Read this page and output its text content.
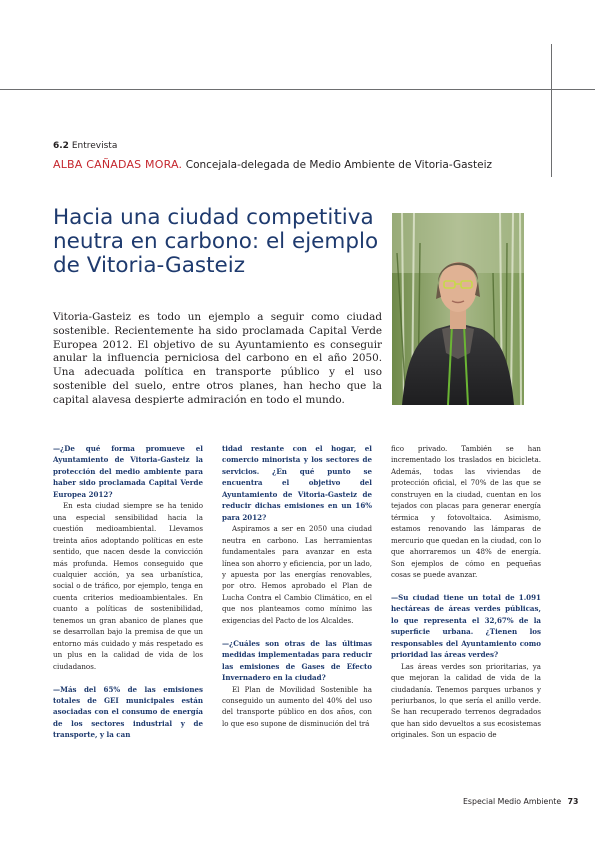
6.2 Entrevista
ALBA CAÑADAS MORA. Concejala-delegada de Medio Ambiente de Vitoria-Gasteiz
Hacia una ciudad competitiva neutra en carbono: el ejemplo de Vitoria-Gasteiz

Vitoria-Gasteiz es todo un ejemplo a seguir como ciudad sostenible. Recientemente ha sido proclamada Capital Verde Europea 2012. El objetivo de su Ayuntamiento es conseguir anular la influencia perniciosa del carbono en el año 2050. Una adecuada política en transporte público y el uso sostenible del suelo, entre otros planes, han hecho que la capital alavesa despierte admiración en todo el mundo.

—¿De qué forma promueve el Ayuntamiento de Vitoria-Gasteiz la protección del medio ambiente para haber sido proclamada Capital Verde Europea 2012?

En esta ciudad siempre se ha tenido una especial sensibilidad hacia la cuestión medioambiental. Llevamos treinta años adoptando políticas en este sentido, que nacen desde la convicción más profunda. Hemos conseguido que cualquier acción, ya sea urbanística, social o de tráfico, por ejemplo, tenga en cuenta criterios medioambientales. En cuanto a políticas de sostenibilidad, tenemos un gran abanico de planes que se desarrollan bajo la premisa de que un entorno más cuidado y más respetado es un plus en la calidad de vida de los ciudadanos.

—Más del 65% de las emisiones totales de GEI municipales están asociadas con el consumo de energía de los sectores industrial y de transporte, y la can

tidad restante con el hogar, el comercio minorista y los sectores de servicios. ¿En qué punto se encuentra el objetivo del Ayuntamiento de Vitoria-Gasteiz de reducir dichas emisiones en un 16% para 2012?

Aspiramos a ser en 2050 una ciudad neutra en carbono. Las herramientas fundamentales para avanzar en esta línea son ahorro y eficiencia, por un lado, y apuesta por las energías renovables, por otro. Hemos aprobado el Plan de Lucha Contra el Cambio Climático, en el que nos planteamos como mínimo las exigencias del Pacto de los Alcaldes.

—¿Cuáles son otras de las últimas medidas implementadas para reducir las emisiones de Gases de Efecto Invernadero en la ciudad?

El Plan de Movilidad Sostenible ha conseguido un aumento del 40% del uso del transporte público en dos años, con lo que eso supone de disminución del trá

fico privado. También se han incrementado los traslados en bicicleta. Además, todas las viviendas de protección oficial, el 70% de las que se construyen en la ciudad, cuentan en los tejados con placas para generar energía térmica y fotovoltaica. Asimismo, estamos renovando las lámparas de mercurio que quedan en la ciudad, con lo que ahorraremos un 48% de energía. Son ejemplos de cómo en pequeñas cosas se puede avanzar.

—Su ciudad tiene un total de 1.091 hectáreas de áreas verdes públicas, lo que representa el 32,67% de la superficie urbana. ¿Tienen los responsables del Ayuntamiento como prioridad las áreas verdes?

Las áreas verdes son prioritarias, ya que mejoran la calidad de vida de la ciudadanía. Tenemos parques urbanos y periurbanos, lo que sería el anillo verde. Se han recuperado terrenos degradados que han sido devueltos a sus ecosistemas originales. Son un espacio de

Especial Medio Ambiente 73
